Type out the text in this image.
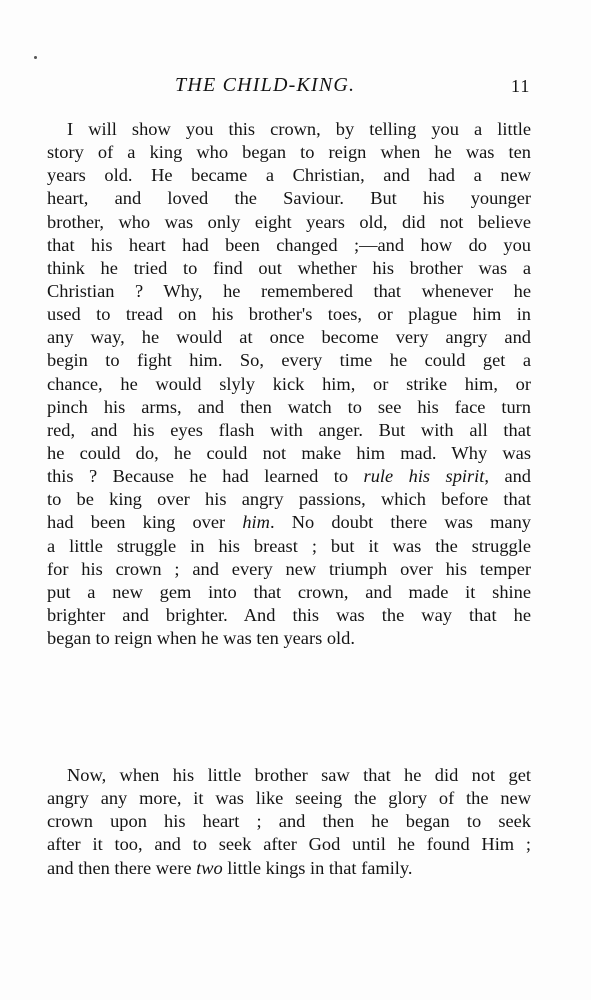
THE CHILD-KING.	11
I will show you this crown, by telling you a little
story of a king who began to reign when he was ten
years old. He became a Christian, and had a new
heart, and loved the Saviour. But his younger
brother, who was only eight years old, did not believe
that his heart had been changed ;—and how do you
think he tried to find out whether his brother was a
Christian ? Why, he remembered that whenever he
used to tread on his brother's toes, or plague him in
any way, he would at once become very angry and
begin to fight him. So, every time he could get a
chance, he would slyly kick him, or strike him, or
pinch his arms, and then watch to see his face turn
red, and his eyes flash with anger. But with all that
he could do, he could not make him mad. Why was
this ? Because he had learned to rule his spirit, and
to be king over his angry passions, which before that
had been king over him. No doubt there was many
a little struggle in his breast ; but it was the struggle
for his crown ; and every new triumph over his temper
put a new gem into that crown, and made it shine
brighter and brighter. And this was the way that he
began to reign when he was ten years old.
Now, when his little brother saw that he did not get
angry any more, it was like seeing the glory of the new
crown upon his heart ; and then he began to seek
after it too, and to seek after God until he found Him ;
and then there were two little kings in that family.
